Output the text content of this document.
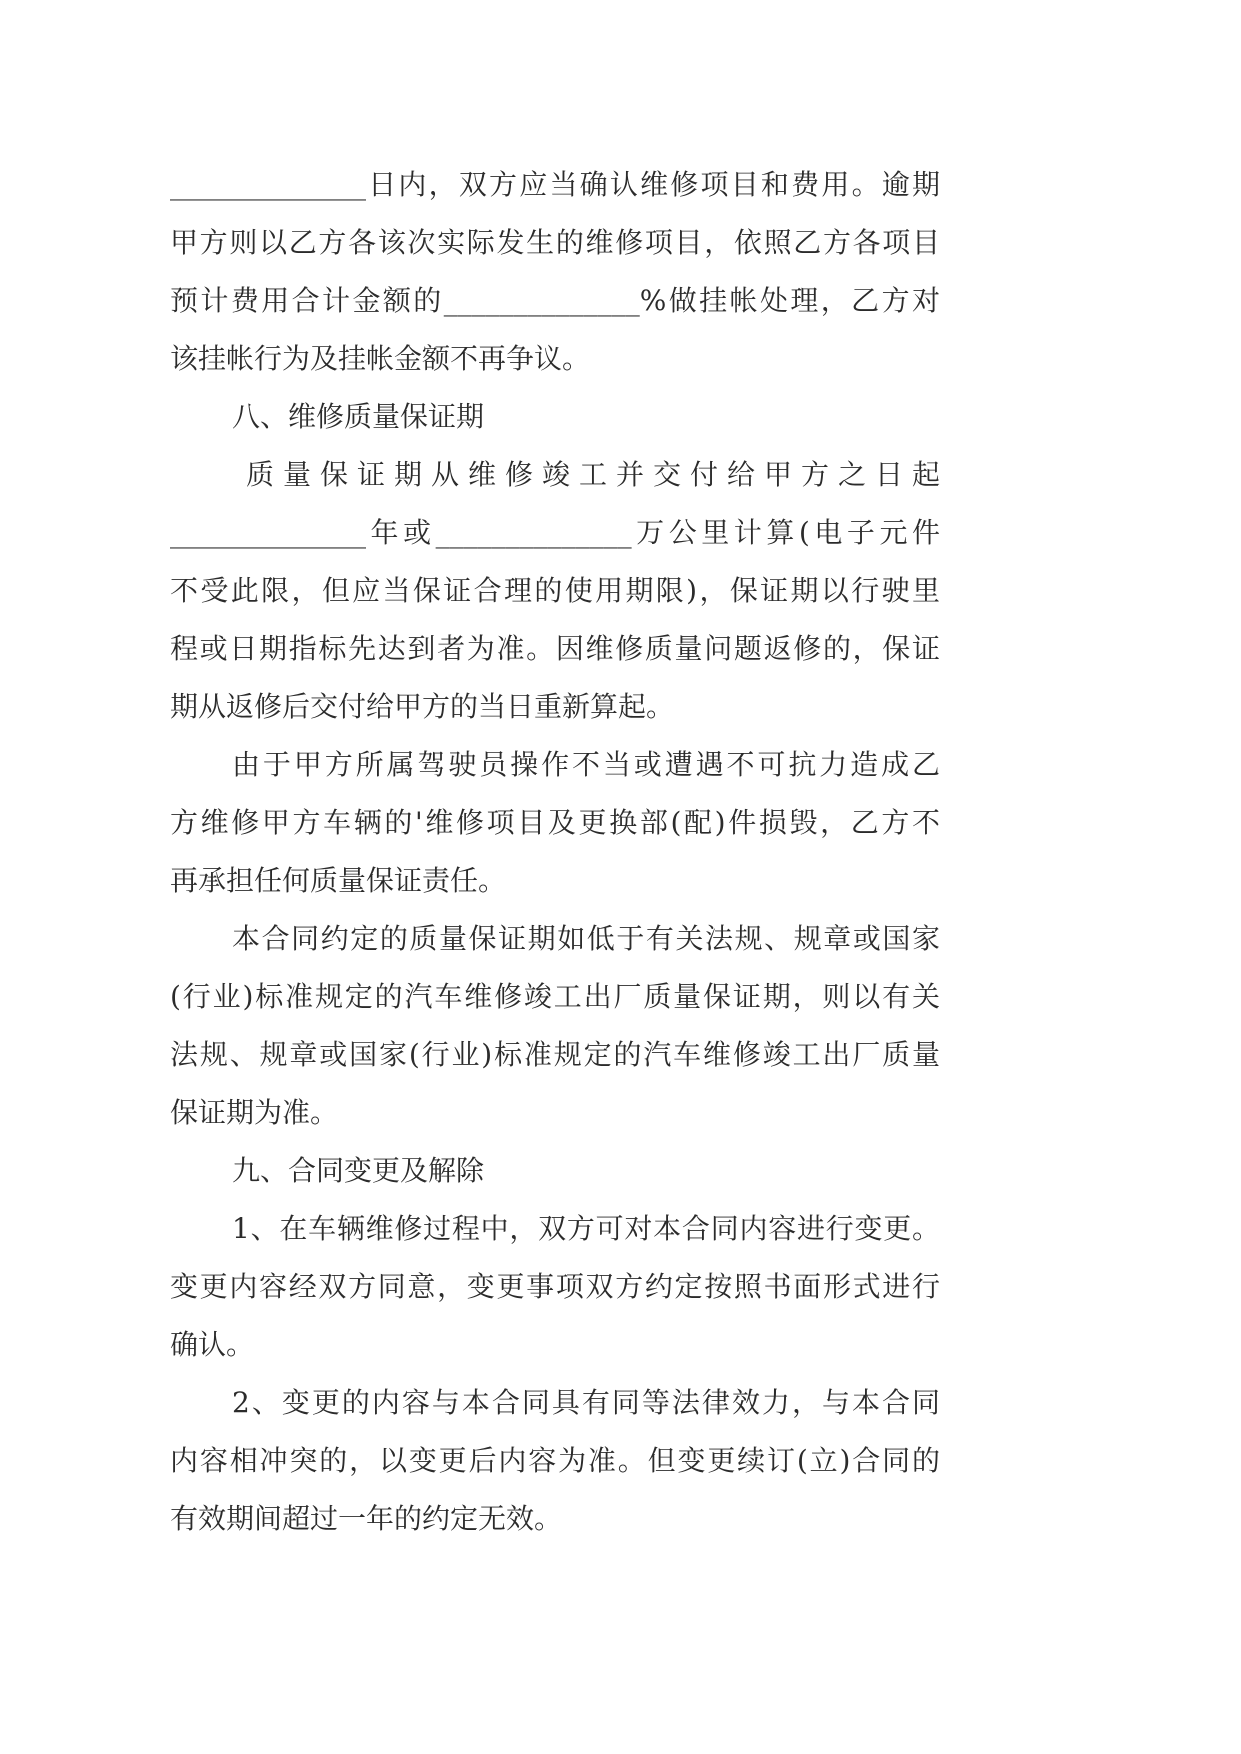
______________日内，双方应当确认维修项目和费用。逾期
甲方则以乙方各该次实际发生的维修项目，依照乙方各项目
预计费用合计金额的______________%做挂帐处理，乙方对
该挂帐行为及挂帐金额不再争议。
八、维修质量保证期
质量保证期从维修竣工并交付给甲方之日起
______________年或______________万公里计算(电子元件
不受此限，但应当保证合理的使用期限)，保证期以行驶里
程或日期指标先达到者为准。因维修质量问题返修的，保证
期从返修后交付给甲方的当日重新算起。
由于甲方所属驾驶员操作不当或遭遇不可抗力造成乙
方维修甲方车辆的'维修项目及更换部(配)件损毁，乙方不
再承担任何质量保证责任。
本合同约定的质量保证期如低于有关法规、规章或国家
(行业)标准规定的汽车维修竣工出厂质量保证期，则以有关
法规、规章或国家(行业)标准规定的汽车维修竣工出厂质量
保证期为准。
九、合同变更及解除
1、在车辆维修过程中，双方可对本合同内容进行变更。
变更内容经双方同意，变更事项双方约定按照书面形式进行
确认。
2、变更的内容与本合同具有同等法律效力，与本合同
内容相冲突的，以变更后内容为准。但变更续订(立)合同的
有效期间超过一年的约定无效。
